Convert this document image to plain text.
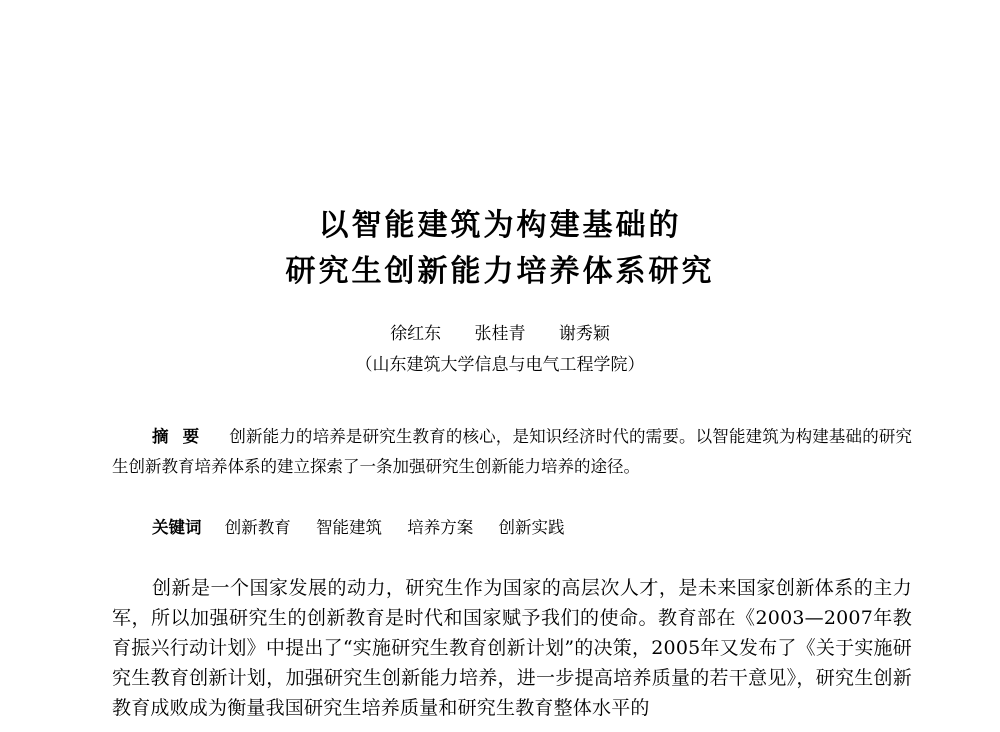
以智能建筑为构建基础的
研究生创新能力培养体系研究
徐红东 张桂青 谢秀颖
（山东建筑大学信息与电气工程学院）
摘要 创新能力的培养是研究生教育的核心，是知识经济时代的需要。以智能建筑为构建基础的研究生创新教育培养体系的建立探索了一条加强研究生创新能力培养的途径。
关键词 创新教育 智能建筑 培养方案 创新实践
创新是一个国家发展的动力，研究生作为国家的高层次人才，是未来国家创新体系的主力军，所以加强研究生的创新教育是时代和国家赋予我们的使命。教育部在《2003—2007年教育振兴行动计划》中提出了“实施研究生教育创新计划”的决策，2005年又发布了《关于实施研究生教育创新计划，加强研究生创新能力培养，进一步提高培养质量的若干意见》，研究生创新教育成败成为衡量我国研究生培养质量和研究生教育整体水平的
